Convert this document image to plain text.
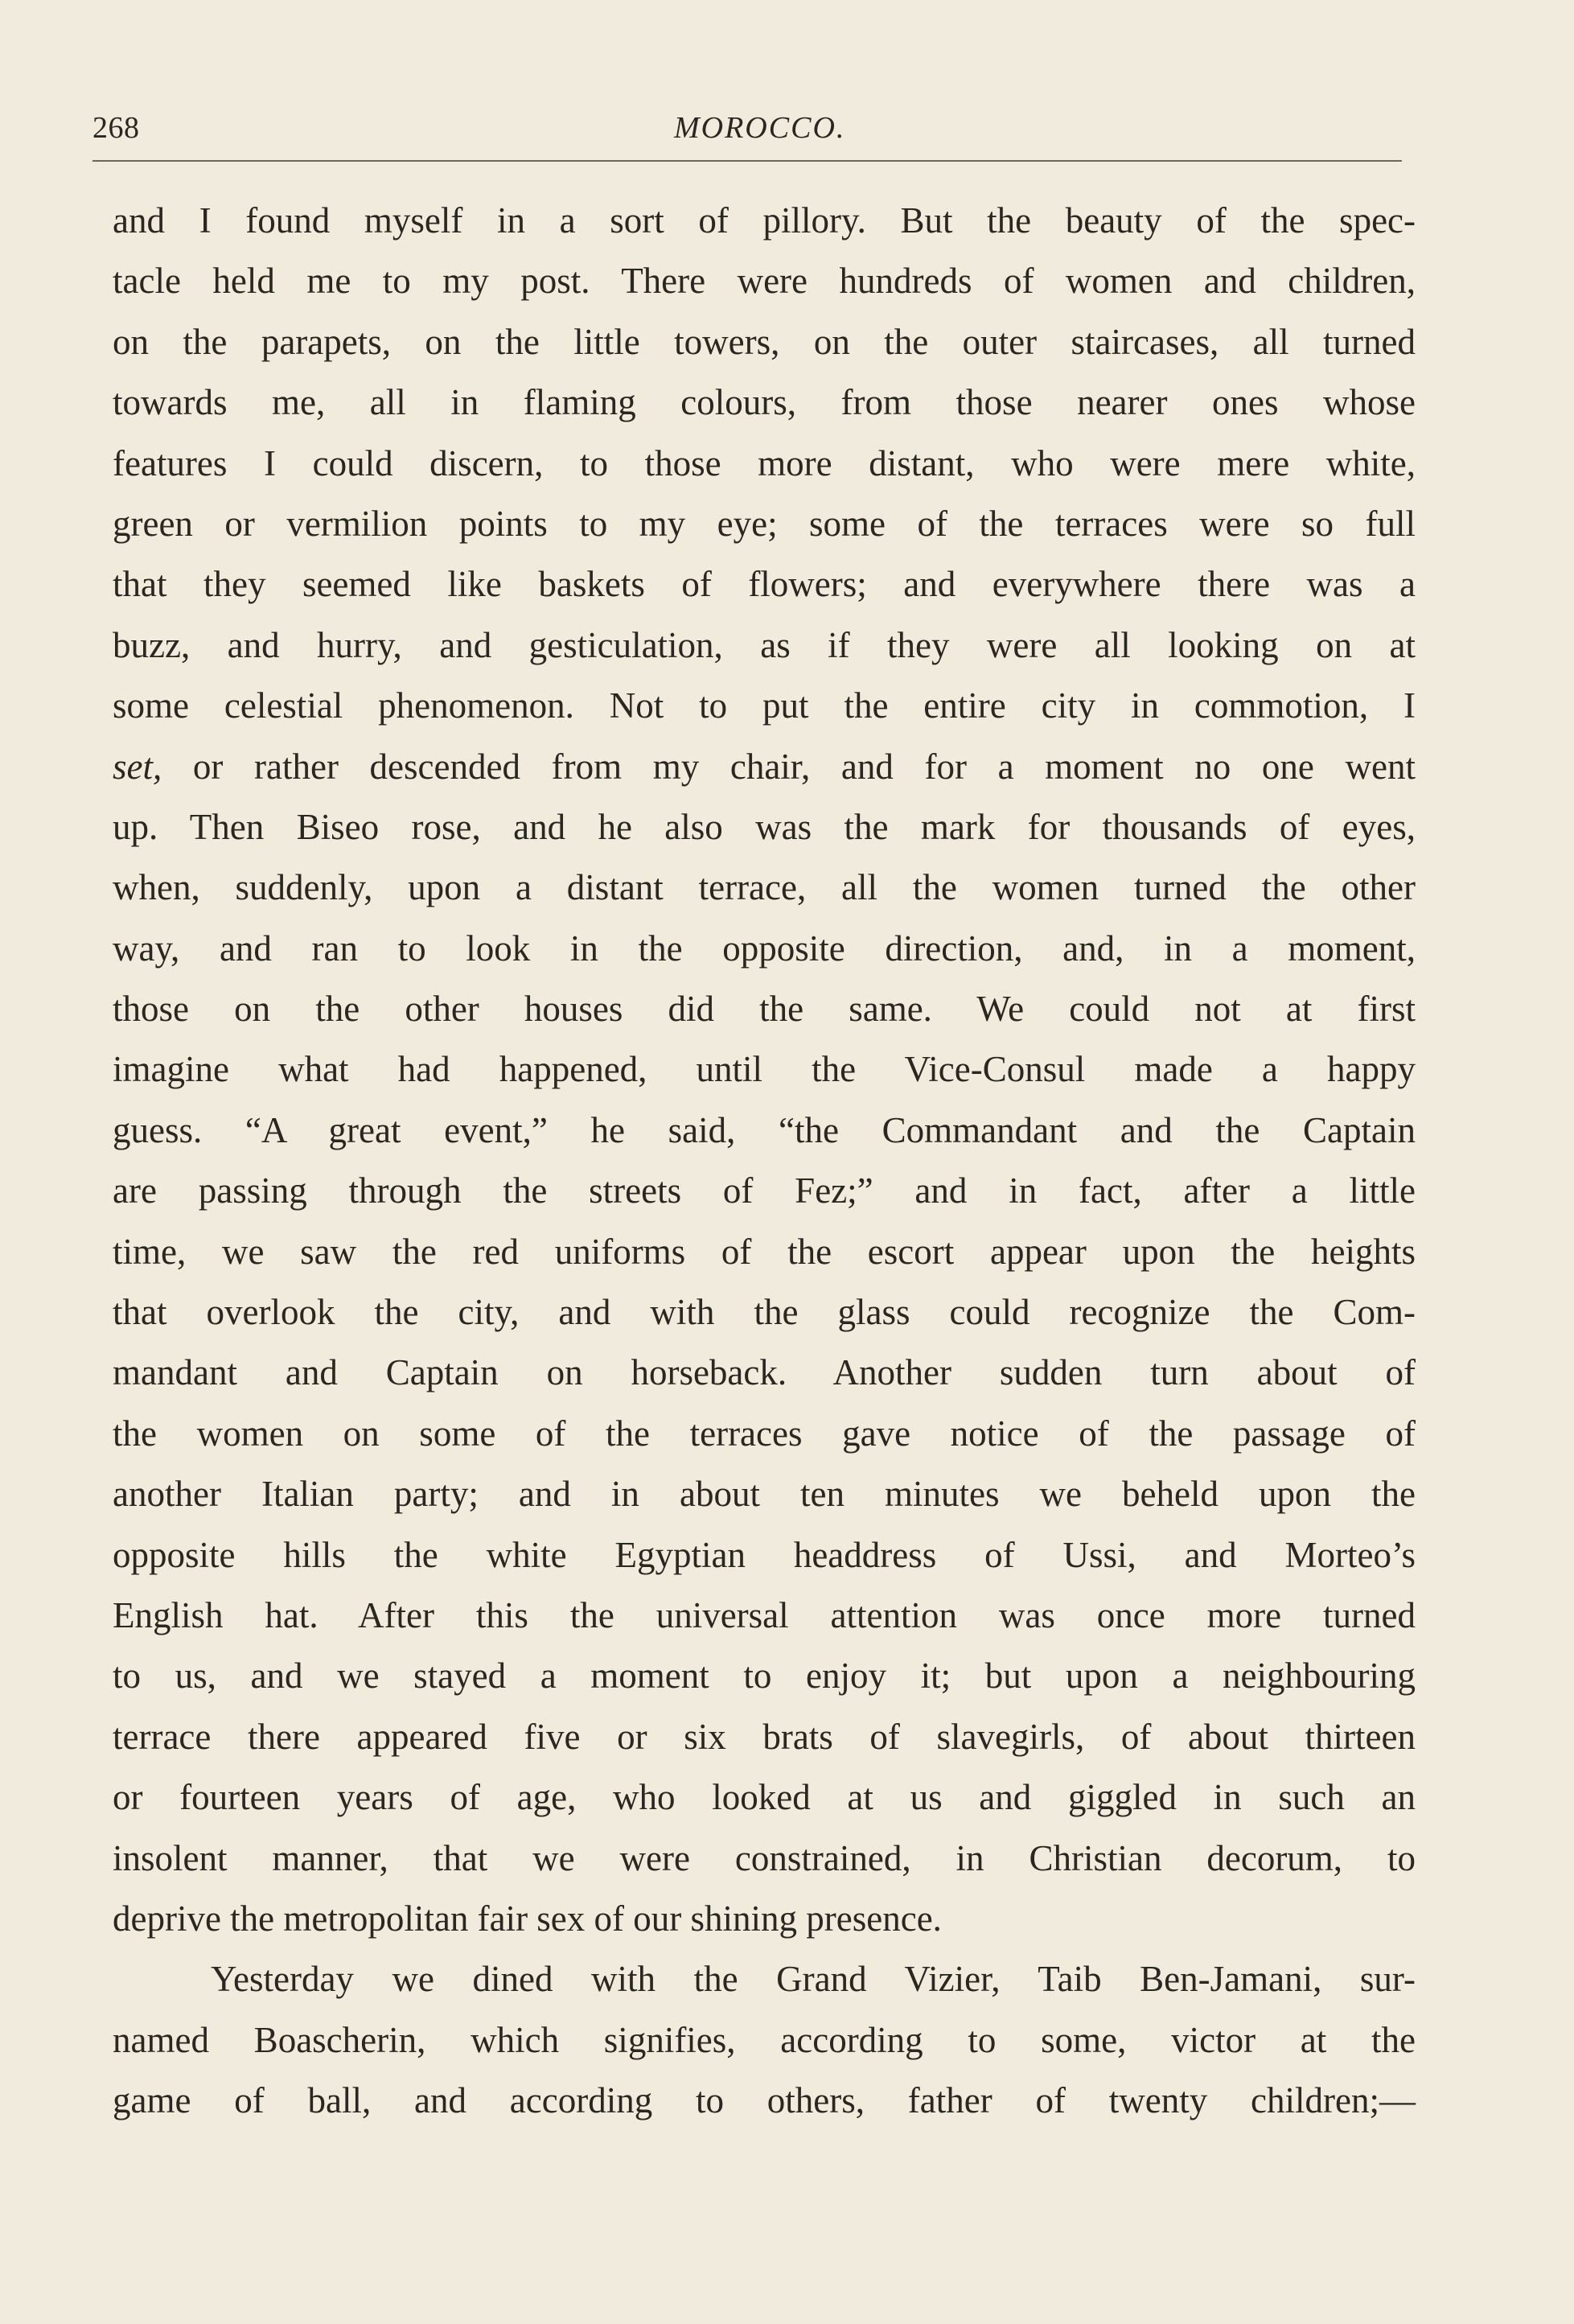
268	MOROCCO.
and I found myself in a sort of pillory. But the beauty of the spec-
tacle held me to my post. There were hundreds of women and children,
on the parapets, on the little towers, on the outer staircases, all turned
towards me, all in flaming colours, from those nearer ones whose
features I could discern, to those more distant, who were mere white,
green or vermilion points to my eye; some of the terraces were so full
that they seemed like baskets of flowers; and everywhere there was a
buzz, and hurry, and gesticulation, as if they were all looking on at
some celestial phenomenon. Not to put the entire city in commotion, I
set, or rather descended from my chair, and for a moment no one went
up. Then Biseo rose, and he also was the mark for thousands of eyes,
when, suddenly, upon a distant terrace, all the women turned the other
way, and ran to look in the opposite direction, and, in a moment,
those on the other houses did the same. We could not at first
imagine what had happened, until the Vice-Consul made a happy
guess. “A great event,” he said, “the Commandant and the Captain
are passing through the streets of Fez;” and in fact, after a little
time, we saw the red uniforms of the escort appear upon the heights
that overlook the city, and with the glass could recognize the Com-
mandant and Captain on horseback. Another sudden turn about of
the women on some of the terraces gave notice of the passage of
another Italian party; and in about ten minutes we beheld upon the
opposite hills the white Egyptian headdress of Ussi, and Morteo’s
English hat. After this the universal attention was once more turned
to us, and we stayed a moment to enjoy it; but upon a neighbouring
terrace there appeared five or six brats of slavegirls, of about thirteen
or fourteen years of age, who looked at us and giggled in such an
insolent manner, that we were constrained, in Christian decorum, to
deprive the metropolitan fair sex of our shining presence.
Yesterday we dined with the Grand Vizier, Taib Ben-Jamani, sur-
named Boascherin, which signifies, according to some, victor at the
game of ball, and according to others, father of twenty children;—
